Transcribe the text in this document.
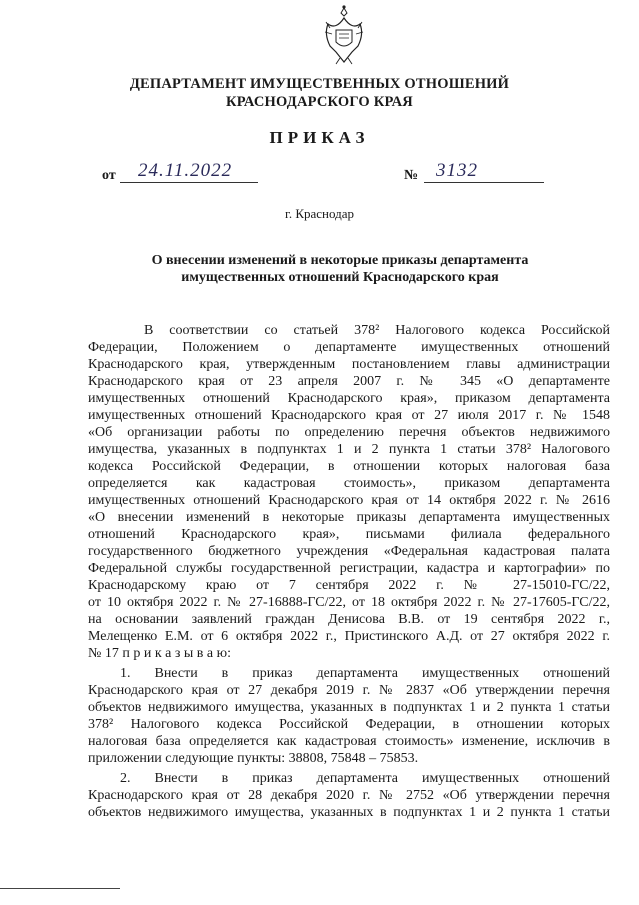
ДЕПАРТАМЕНТ ИМУЩЕСТВЕННЫХ ОТНОШЕНИЙ
КРАСНОДАРСКОГО КРАЯ
ПРИКАЗ
от 24.11.2022	№ 3132
г. Краснодар
О внесении изменений в некоторые приказы департамента
имущественных отношений Краснодарского края
В соответствии со статьей 378² Налогового кодекса Российской
Федерации, Положением о департаменте имущественных отношений
Краснодарского края, утвержденным постановлением главы администрации
Краснодарского края от 23 апреля 2007 г. № 345 «О департаменте
имущественных отношений Краснодарского края», приказом департамента
имущественных отношений Краснодарского края от 27 июля 2017 г. № 1548
«Об организации работы по определению перечня объектов недвижимого
имущества, указанных в подпунктах 1 и 2 пункта 1 статьи 378² Налогового
кодекса Российской Федерации, в отношении которых налоговая база
определяется как кадастровая стоимость», приказом департамента
имущественных отношений Краснодарского края от 14 октября 2022 г. № 2616
«О внесении изменений в некоторые приказы департамента имущественных
отношений Краснодарского края», письмами филиала федерального
государственного бюджетного учреждения «Федеральная кадастровая палата
Федеральной службы государственной регистрации, кадастра и картографии» по
Краснодарскому краю от 7 сентября 2022 г. № 27-15010-ГС/22,
от 10 октября 2022 г. № 27-16888-ГС/22, от 18 октября 2022 г. № 27-17605-ГС/22,
на основании заявлений граждан Денисова В.В. от 19 сентября 2022 г.,
Мелещенко Е.М. от 6 октября 2022 г., Пристинского А.Д. от 27 октября 2022 г.
№ 17 п р и к а з ы в а ю:
1. Внести в приказ департамента имущественных отношений
Краснодарского края от 27 декабря 2019 г. № 2837 «Об утверждении перечня
объектов недвижимого имущества, указанных в подпунктах 1 и 2 пункта 1 статьи
378² Налогового кодекса Российской Федерации, в отношении которых
налоговая база определяется как кадастровая стоимость» изменение, исключив в
приложении следующие пункты: 38808, 75848 – 75853.
2. Внести в приказ департамента имущественных отношений
Краснодарского края от 28 декабря 2020 г. № 2752 «Об утверждении перечня
объектов недвижимого имущества, указанных в подпунктах 1 и 2 пункта 1 статьи
